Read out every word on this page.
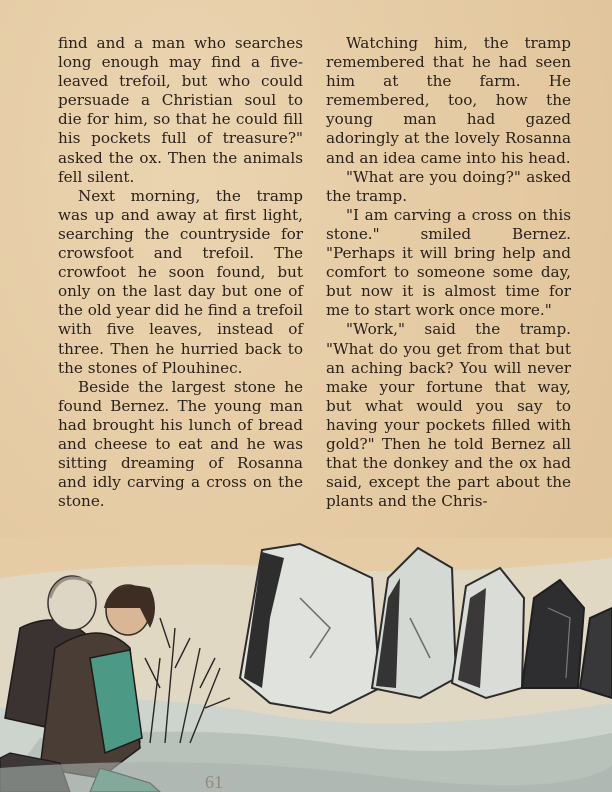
find and a man who searches long enough may find a five-leaved trefoil, but who could persuade a Christian soul to die for him, so that he could fill his pockets full of treasure?" asked the ox. Then the animals fell silent.

Next morning, the tramp was up and away at first light, searching the countryside for crowsfoot and trefoil. The crowfoot he soon found, but only on the last day but one of the old year did he find a trefoil with five leaves, instead of three. Then he hurried back to the stones of Plouhinec.

Beside the largest stone he found Bernez. The young man had brought his lunch of bread and cheese to eat and he was sitting dreaming of Rosanna and idly carving a cross on the stone.

Watching him, the tramp remembered that he had seen him at the farm. He remembered, too, how the young man had gazed adoringly at the lovely Rosanna and an idea came into his head.

"What are you doing?" asked the tramp.

"I am carving a cross on this stone." smiled Bernez. "Perhaps it will bring help and comfort to someone some day, but now it is almost time for me to start work once more."

"Work," said the tramp. "What do you get from that but an aching back? You will never make your fortune that way, but what would you say to having your pockets filled with gold?" Then he told Bernez all that the donkey and the ox had said, except the part about the plants and the Chris-

61
